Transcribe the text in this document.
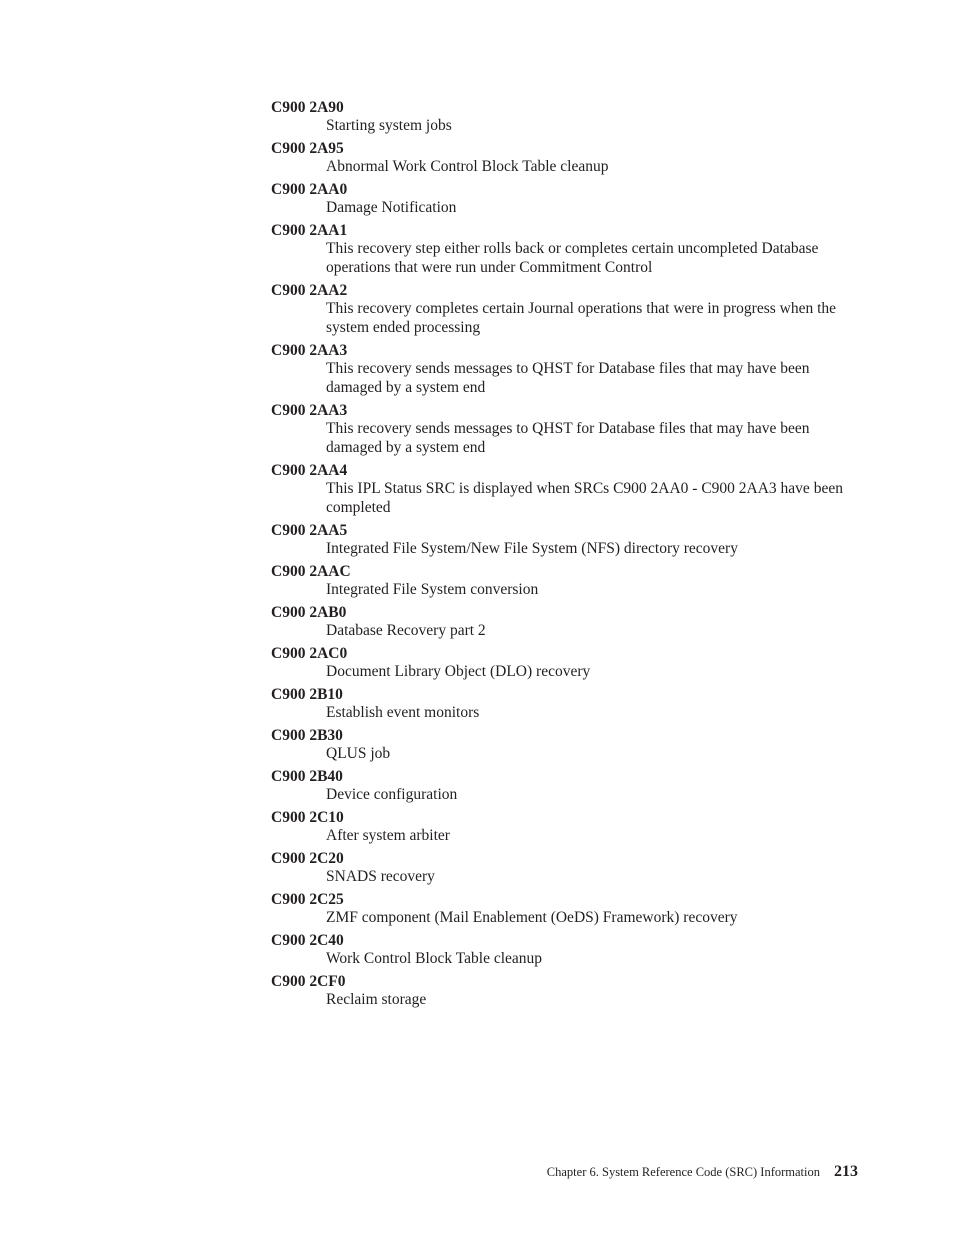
C900 2A90
Starting system jobs
C900 2A95
Abnormal Work Control Block Table cleanup
C900 2AA0
Damage Notification
C900 2AA1
This recovery step either rolls back or completes certain uncompleted Database operations that were run under Commitment Control
C900 2AA2
This recovery completes certain Journal operations that were in progress when the system ended processing
C900 2AA3
This recovery sends messages to QHST for Database files that may have been damaged by a system end
C900 2AA3
This recovery sends messages to QHST for Database files that may have been damaged by a system end
C900 2AA4
This IPL Status SRC is displayed when SRCs C900 2AA0 - C900 2AA3 have been completed
C900 2AA5
Integrated File System/New File System (NFS) directory recovery
C900 2AAC
Integrated File System conversion
C900 2AB0
Database Recovery part 2
C900 2AC0
Document Library Object (DLO) recovery
C900 2B10
Establish event monitors
C900 2B30
QLUS job
C900 2B40
Device configuration
C900 2C10
After system arbiter
C900 2C20
SNADS recovery
C900 2C25
ZMF component (Mail Enablement (OeDS) Framework) recovery
C900 2C40
Work Control Block Table cleanup
C900 2CF0
Reclaim storage
Chapter 6. System Reference Code (SRC) Information 213
